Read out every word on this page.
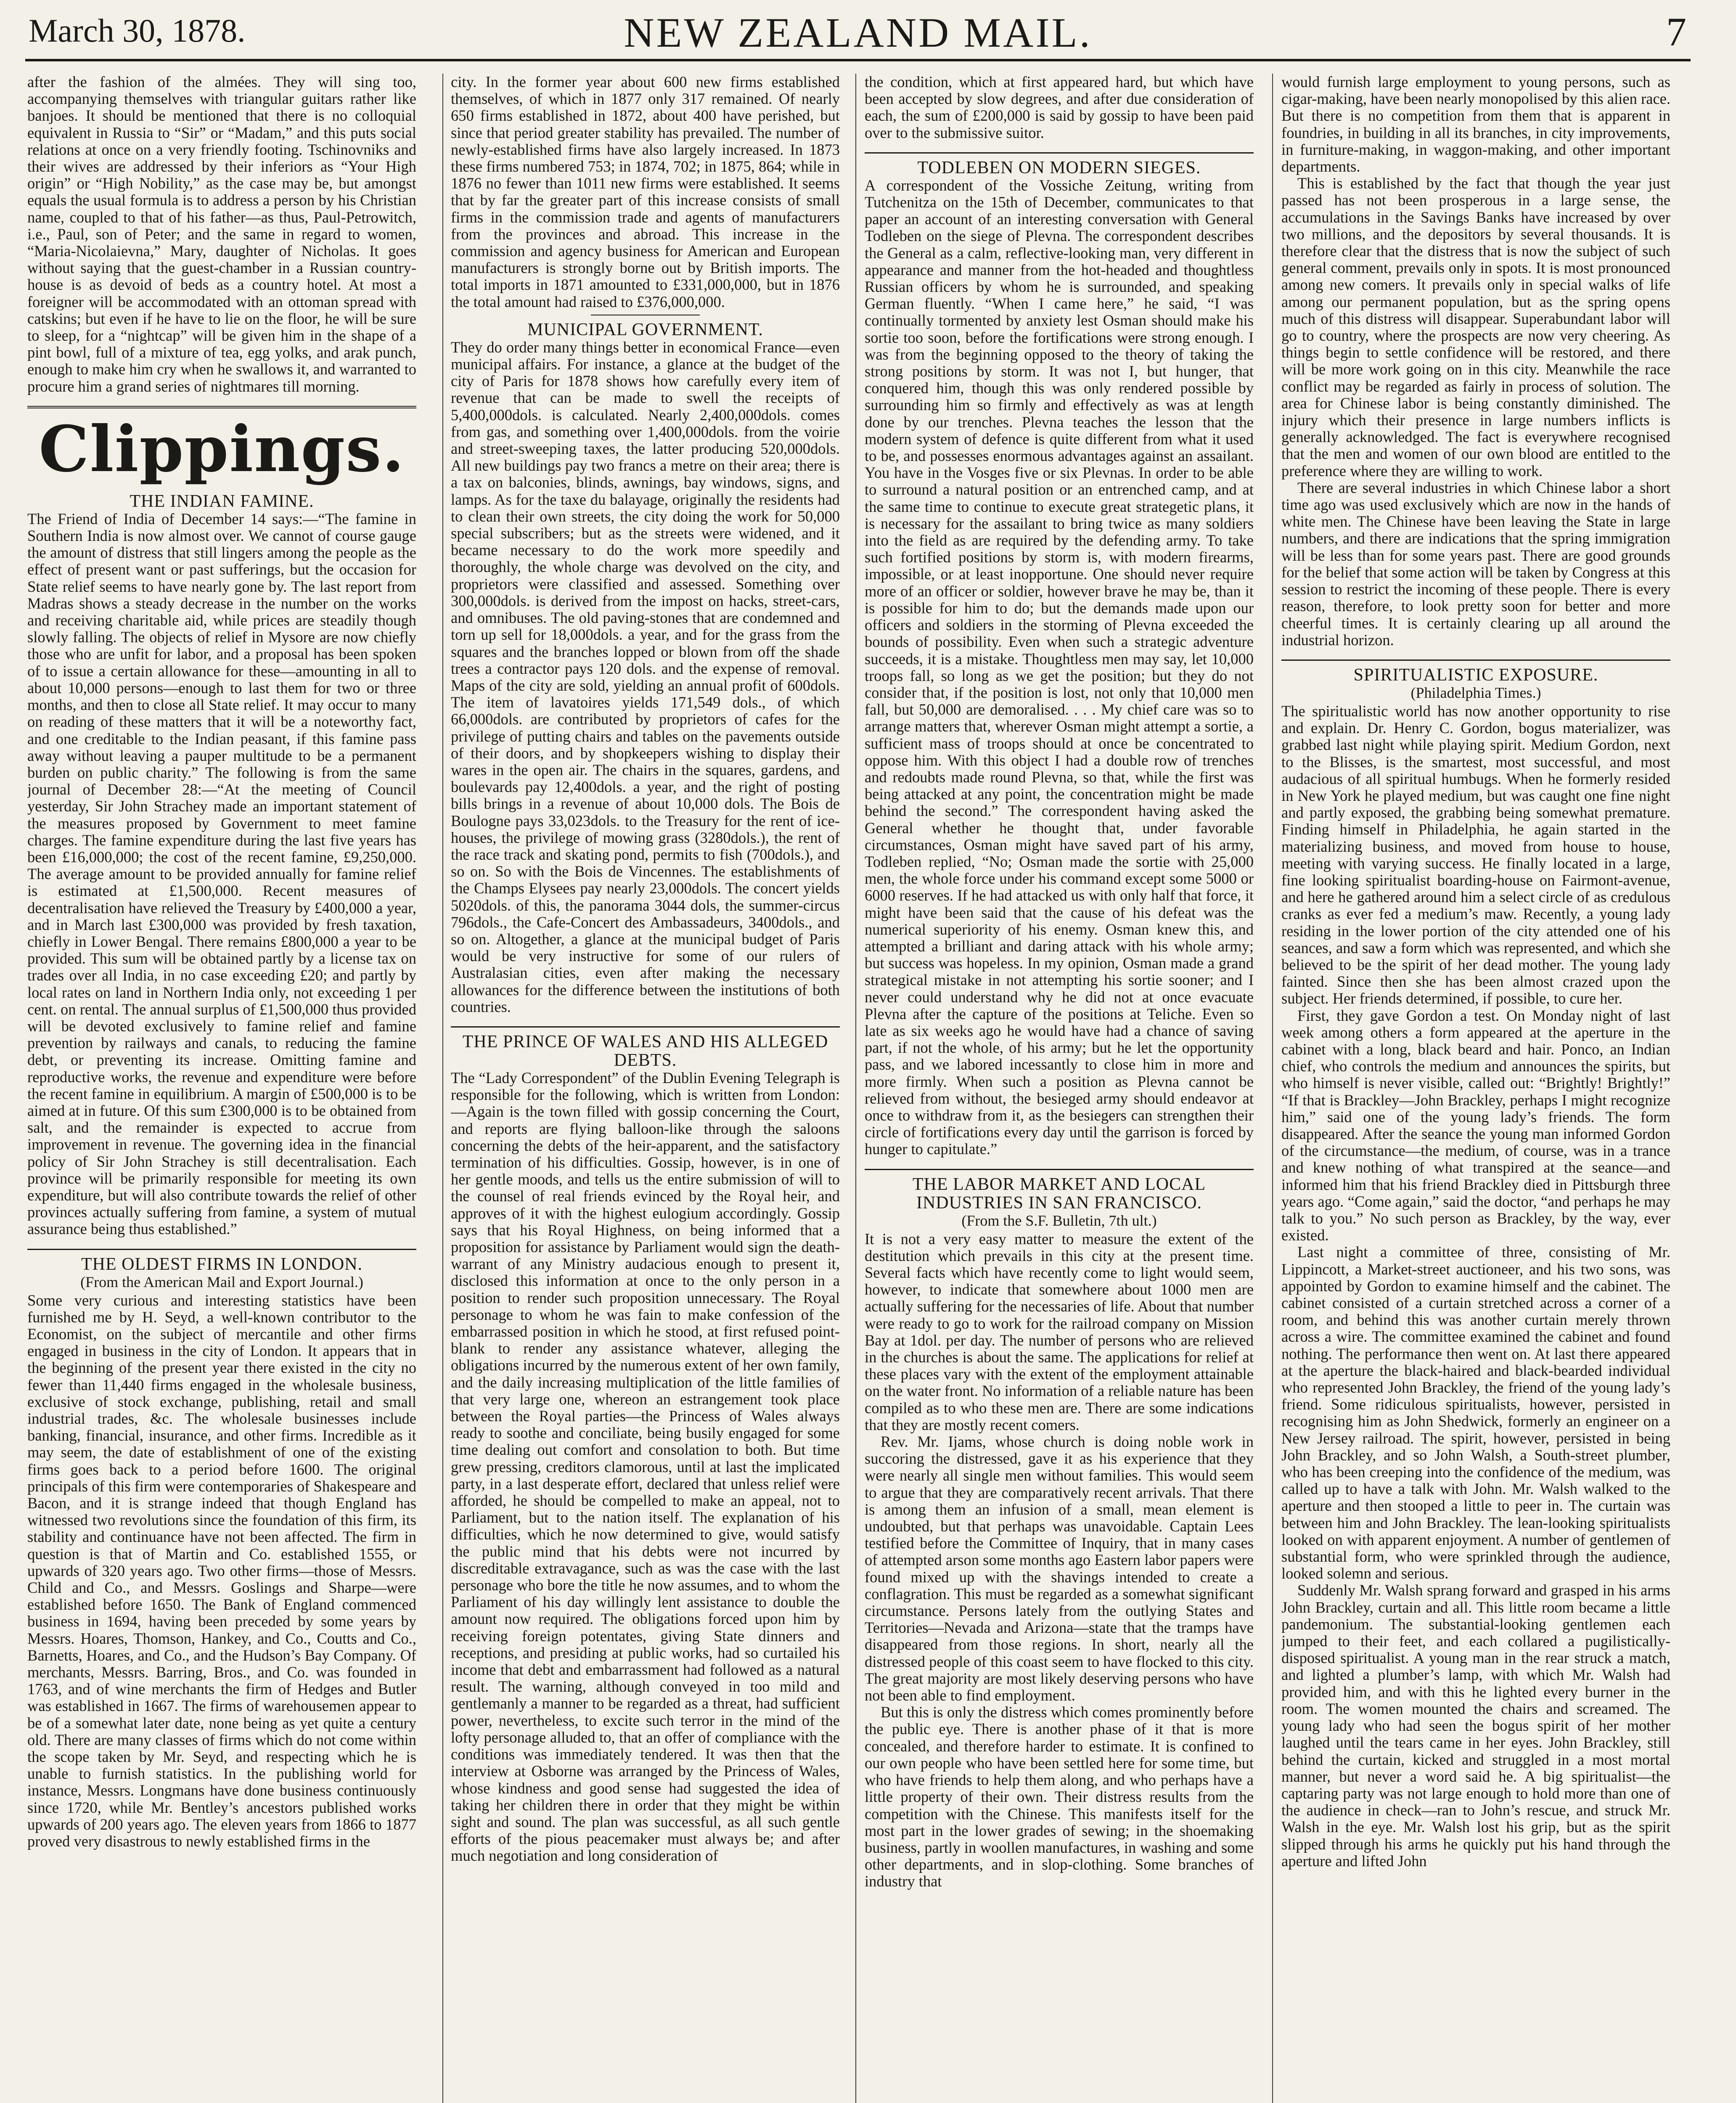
March 30, 1878.	NEW ZEALAND MAIL.	7

after the fashion of the almées. They will sing too, accompanying themselves with triangular guitars rather like banjoes. It should be mentioned that there is no colloquial equivalent in Russia to “Sir” or “Madam,” and this puts social relations at once on a very friendly footing. Tschinovniks and their wives are addressed by their inferiors as “Your High origin” or “High Nobility,” as the case may be, but amongst equals the usual formula is to address a person by his Christian name, coupled to that of his father—as thus, Paul-Petrowitch, i.e., Paul, son of Peter; and the same in regard to women, “Maria-Nicolaievna,” Mary, daughter of Nicholas. It goes without saying that the guest-chamber in a Russian country-house is as devoid of beds as a country hotel. At most a foreigner will be accommodated with an ottoman spread with catskins; but even if he have to lie on the floor, he will be sure to sleep, for a “nightcap” will be given him in the shape of a pint bowl, full of a mixture of tea, egg yolks, and arak punch, enough to make him cry when he swallows it, and warranted to procure him a grand series of nightmares till morning.

Clippings.
THE INDIAN FAMINE.

The Friend of India of December 14 says:—“The famine in Southern India is now almost over. We cannot of course gauge the amount of distress that still lingers among the people as the effect of present want or past sufferings, but the occasion for State relief seems to have nearly gone by. The last report from Madras shows a steady decrease in the number on the works and receiving charitable aid, while prices are steadily though slowly falling. The objects of relief in Mysore are now chiefly those who are unfit for labor, and a proposal has been spoken of to issue a certain allowance for these—amounting in all to about 10,000 persons—enough to last them for two or three months, and then to close all State relief. It may occur to many on reading of these matters that it will be a noteworthy fact, and one creditable to the Indian peasant, if this famine pass away without leaving a pauper multitude to be a permanent burden on public charity.” The following is from the same journal of December 28:—“At the meeting of Council yesterday, Sir John Strachey made an important statement of the measures proposed by Government to meet famine charges. The famine expenditure during the last five years has been £16,000,000; the cost of the recent famine, £9,250,000. The average amount to be provided annually for famine relief is estimated at £1,500,000. Recent measures of decentralisation have relieved the Treasury by £400,000 a year, and in March last £300,000 was provided by fresh taxation, chiefly in Lower Bengal. There remains £800,000 a year to be provided. This sum will be obtained partly by a license tax on trades over all India, in no case exceeding £20; and partly by local rates on land in Northern India only, not exceeding 1 per cent. on rental. The annual surplus of £1,500,000 thus provided will be devoted exclusively to famine relief and famine prevention by railways and canals, to reducing the famine debt, or preventing its increase. Omitting famine and reproductive works, the revenue and expenditure were before the recent famine in equilibrium. A margin of £500,000 is to be aimed at in future. Of this sum £300,000 is to be obtained from salt, and the remainder is expected to accrue from improvement in revenue. The governing idea in the financial policy of Sir John Strachey is still decentralisation. Each province will be primarily responsible for meeting its own expenditure, but will also contribute towards the relief of other provinces actually suffering from famine, a system of mutual assurance being thus established.”

THE OLDEST FIRMS IN LONDON.
(From the American Mail and Export Journal.)

Some very curious and interesting statistics have been furnished me by H. Seyd, a well-known contributor to the Economist, on the subject of mercantile and other firms engaged in business in the city of London. It appears that in the beginning of the present year there existed in the city no fewer than 11,440 firms engaged in the wholesale business, exclusive of stock exchange, publishing, retail and small industrial trades, &c. The wholesale businesses include banking, financial, insurance, and other firms. Incredible as it may seem, the date of establishment of one of the existing firms goes back to a period before 1600. The original principals of this firm were contemporaries of Shakespeare and Bacon, and it is strange indeed that though England has witnessed two revolutions since the foundation of this firm, its stability and continuance have not been affected. The firm in question is that of Martin and Co. established 1555, or upwards of 320 years ago. Two other firms—those of Messrs. Child and Co., and Messrs. Goslings and Sharpe—were established before 1650. The Bank of England commenced business in 1694, having been preceded by some years by Messrs. Hoares, Thomson, Hankey, and Co., Coutts and Co., Barnetts, Hoares, and Co., and the Hudson’s Bay Company. Of merchants, Messrs. Barring, Bros., and Co. was founded in 1763, and of wine merchants the firm of Hedges and Butler was established in 1667. The firms of warehousemen appear to be of a somewhat later date, none being as yet quite a century old. There are many classes of firms which do not come within the scope taken by Mr. Seyd, and respecting which he is unable to furnish statistics. In the publishing world for instance, Messrs. Longmans have done business continuously since 1720, while Mr. Bentley’s ancestors published works upwards of 200 years ago. The eleven years from 1866 to 1877 proved very disastrous to newly established firms in the

city. In the former year about 600 new firms established themselves, of which in 1877 only 317 remained. Of nearly 650 firms established in 1872, about 400 have perished, but since that period greater stability has prevailed. The number of newly-established firms have also largely increased. In 1873 these firms numbered 753; in 1874, 702; in 1875, 864; while in 1876 no fewer than 1011 new firms were established. It seems that by far the greater part of this increase consists of small firms in the commission trade and agents of manufacturers from the provinces and abroad. This increase in the commission and agency business for American and European manufacturers is strongly borne out by British imports. The total imports in 1871 amounted to £331,000,000, but in 1876 the total amount had raised to £376,000,000.

MUNICIPAL GOVERNMENT.

They do order many things better in economical France—even municipal affairs. For instance, a glance at the budget of the city of Paris for 1878 shows how carefully every item of revenue that can be made to swell the receipts of 5,400,000dols. is calculated. Nearly 2,400,000dols. comes from gas, and something over 1,400,000dols. from the voirie and street-sweeping taxes, the latter producing 520,000dols. All new buildings pay two francs a metre on their area; there is a tax on balconies, blinds, awnings, bay windows, signs, and lamps. As for the taxe du balayage, originally the residents had to clean their own streets, the city doing the work for 50,000 special subscribers; but as the streets were widened, and it became necessary to do the work more speedily and thoroughly, the whole charge was devolved on the city, and proprietors were classified and assessed. Something over 300,000dols. is derived from the impost on hacks, street-cars, and omnibuses. The old paving-stones that are condemned and torn up sell for 18,000dols. a year, and for the grass from the squares and the branches lopped or blown from off the shade trees a contractor pays 120 dols. and the expense of removal. Maps of the city are sold, yielding an annual profit of 600dols. The item of lavatoires yields 171,549 dols., of which 66,000dols. are contributed by proprietors of cafes for the privilege of putting chairs and tables on the pavements outside of their doors, and by shopkeepers wishing to display their wares in the open air. The chairs in the squares, gardens, and boulevards pay 12,400dols. a year, and the right of posting bills brings in a revenue of about 10,000 dols. The Bois de Boulogne pays 33,023dols. to the Treasury for the rent of ice-houses, the privilege of mowing grass (3280dols.), the rent of the race track and skating pond, permits to fish (700dols.), and so on. So with the Bois de Vincennes. The establishments of the Champs Elysees pay nearly 23,000dols. The concert yields 5020dols. of this, the panorama 3044 dols, the summer-circus 796dols., the Cafe-Concert des Ambassadeurs, 3400dols., and so on. Altogether, a glance at the municipal budget of Paris would be very instructive for some of our rulers of Australasian cities, even after making the necessary allowances for the difference between the institutions of both countries.

THE PRINCE OF WALES AND HIS ALLEGED DEBTS.

The “Lady Correspondent” of the Dublin Evening Telegraph is responsible for the following, which is written from London:—Again is the town filled with gossip concerning the Court, and reports are flying balloon-like through the saloons concerning the debts of the heir-apparent, and the satisfactory termination of his difficulties. Gossip, however, is in one of her gentle moods, and tells us the entire submission of will to the counsel of real friends evinced by the Royal heir, and approves of it with the highest eulogium accordingly. Gossip says that his Royal Highness, on being informed that a proposition for assistance by Parliament would sign the death-warrant of any Ministry audacious enough to present it, disclosed this information at once to the only person in a position to render such proposition unnecessary. The Royal personage to whom he was fain to make confession of the embarrassed position in which he stood, at first refused point-blank to render any assistance whatever, alleging the obligations incurred by the numerous extent of her own family, and the daily increasing multiplication of the little families of that very large one, whereon an estrangement took place between the Royal parties—the Princess of Wales always ready to soothe and conciliate, being busily engaged for some time dealing out comfort and consolation to both. But time grew pressing, creditors clamorous, until at last the implicated party, in a last desperate effort, declared that unless relief were afforded, he should be compelled to make an appeal, not to Parliament, but to the nation itself. The explanation of his difficulties, which he now determined to give, would satisfy the public mind that his debts were not incurred by discreditable extravagance, such as was the case with the last personage who bore the title he now assumes, and to whom the Parliament of his day willingly lent assistance to double the amount now required. The obligations forced upon him by receiving foreign potentates, giving State dinners and receptions, and presiding at public works, had so curtailed his income that debt and embarrassment had followed as a natural result. The warning, although conveyed in too mild and gentlemanly a manner to be regarded as a threat, had sufficient power, nevertheless, to excite such terror in the mind of the lofty personage alluded to, that an offer of compliance with the conditions was immediately tendered. It was then that the interview at Osborne was arranged by the Princess of Wales, whose kindness and good sense had suggested the idea of taking her children there in order that they might be within sight and sound. The plan was successful, as all such gentle efforts of the pious peacemaker must always be; and after much negotiation and long consideration of

the condition, which at first appeared hard, but which have been accepted by slow degrees, and after due consideration of each, the sum of £200,000 is said by gossip to have been paid over to the submissive suitor.

TODLEBEN ON MODERN SIEGES.

A correspondent of the Vossiche Zeitung, writing from Tutchenitza on the 15th of December, communicates to that paper an account of an interesting conversation with General Todleben on the siege of Plevna. The correspondent describes the General as a calm, reflective-looking man, very different in appearance and manner from the hot-headed and thoughtless Russian officers by whom he is surrounded, and speaking German fluently. “When I came here,” he said, “I was continually tormented by anxiety lest Osman should make his sortie too soon, before the fortifications were strong enough. I was from the beginning opposed to the theory of taking the strong positions by storm. It was not I, but hunger, that conquered him, though this was only rendered possible by surrounding him so firmly and effectively as was at length done by our trenches. Plevna teaches the lesson that the modern system of defence is quite different from what it used to be, and possesses enormous advantages against an assailant. You have in the Vosges five or six Plevnas. In order to be able to surround a natural position or an entrenched camp, and at the same time to continue to execute great strategetic plans, it is necessary for the assailant to bring twice as many soldiers into the field as are required by the defending army. To take such fortified positions by storm is, with modern firearms, impossible, or at least inopportune. One should never require more of an officer or soldier, however brave he may be, than it is possible for him to do; but the demands made upon our officers and soldiers in the storming of Plevna exceeded the bounds of possibility. Even when such a strategic adventure succeeds, it is a mistake. Thoughtless men may say, let 10,000 troops fall, so long as we get the position; but they do not consider that, if the position is lost, not only that 10,000 men fall, but 50,000 are demoralised. . . . My chief care was so to arrange matters that, wherever Osman might attempt a sortie, a sufficient mass of troops should at once be concentrated to oppose him. With this object I had a double row of trenches and redoubts made round Plevna, so that, while the first was being attacked at any point, the concentration might be made behind the second.” The correspondent having asked the General whether he thought that, under favorable circumstances, Osman might have saved part of his army, Todleben replied, “No; Osman made the sortie with 25,000 men, the whole force under his command except some 5000 or 6000 reserves. If he had attacked us with only half that force, it might have been said that the cause of his defeat was the numerical superiority of his enemy. Osman knew this, and attempted a brilliant and daring attack with his whole army; but success was hopeless. In my opinion, Osman made a grand strategical mistake in not attempting his sortie sooner; and I never could understand why he did not at once evacuate Plevna after the capture of the positions at Teliche. Even so late as six weeks ago he would have had a chance of saving part, if not the whole, of his army; but he let the opportunity pass, and we labored incessantly to close him in more and more firmly. When such a position as Plevna cannot be relieved from without, the besieged army should endeavor at once to withdraw from it, as the besiegers can strengthen their circle of fortifications every day until the garrison is forced by hunger to capitulate.”

THE LABOR MARKET AND LOCAL INDUSTRIES IN SAN FRANCISCO.
(From the S.F. Bulletin, 7th ult.)

It is not a very easy matter to measure the extent of the destitution which prevails in this city at the present time. Several facts which have recently come to light would seem, however, to indicate that somewhere about 1000 men are actually suffering for the necessaries of life. About that number were ready to go to work for the railroad company on Mission Bay at 1dol. per day. The number of persons who are relieved in the churches is about the same. The applications for relief at these places vary with the extent of the employment attainable on the water front. No information of a reliable nature has been compiled as to who these men are. There are some indications that they are mostly recent comers.

Rev. Mr. Ijams, whose church is doing noble work in succoring the distressed, gave it as his experience that they were nearly all single men without families. This would seem to argue that they are comparatively recent arrivals. That there is among them an infusion of a small, mean element is undoubted, but that perhaps was unavoidable. Captain Lees testified before the Committee of Inquiry, that in many cases of attempted arson some months ago Eastern labor papers were found mixed up with the shavings intended to create a conflagration. This must be regarded as a somewhat significant circumstance. Persons lately from the outlying States and Territories—Nevada and Arizona—state that the tramps have disappeared from those regions. In short, nearly all the distressed people of this coast seem to have flocked to this city. The great majority are most likely deserving persons who have not been able to find employment.

But this is only the distress which comes prominently before the public eye. There is another phase of it that is more concealed, and therefore harder to estimate. It is confined to our own people who have been settled here for some time, but who have friends to help them along, and who perhaps have a little property of their own. Their distress results from the competition with the Chinese. This manifests itself for the most part in the lower grades of sewing; in the shoemaking business, partly in woollen manufactures, in washing and some other departments, and in slop-clothing. Some branches of industry that

would furnish large employment to young persons, such as cigar-making, have been nearly monopolised by this alien race. But there is no competition from them that is apparent in foundries, in building in all its branches, in city improvements, in furniture-making, in waggon-making, and other important departments.

This is established by the fact that though the year just passed has not been prosperous in a large sense, the accumulations in the Savings Banks have increased by over two millions, and the depositors by several thousands. It is therefore clear that the distress that is now the subject of such general comment, prevails only in spots. It is most pronounced among new comers. It prevails only in special walks of life among our permanent population, but as the spring opens much of this distress will disappear. Superabundant labor will go to country, where the prospects are now very cheering. As things begin to settle confidence will be restored, and there will be more work going on in this city. Meanwhile the race conflict may be regarded as fairly in process of solution. The area for Chinese labor is being constantly diminished. The injury which their presence in large numbers inflicts is generally acknowledged. The fact is everywhere recognised that the men and women of our own blood are entitled to the preference where they are willing to work.

There are several industries in which Chinese labor a short time ago was used exclusively which are now in the hands of white men. The Chinese have been leaving the State in large numbers, and there are indications that the spring immigration will be less than for some years past. There are good grounds for the belief that some action will be taken by Congress at this session to restrict the incoming of these people. There is every reason, therefore, to look pretty soon for better and more cheerful times. It is certainly clearing up all around the industrial horizon.

SPIRITUALISTIC EXPOSURE.
(Philadelphia Times.)

The spiritualistic world has now another opportunity to rise and explain. Dr. Henry C. Gordon, bogus materializer, was grabbed last night while playing spirit. Medium Gordon, next to the Blisses, is the smartest, most successful, and most audacious of all spiritual humbugs. When he formerly resided in New York he played medium, but was caught one fine night and partly exposed, the grabbing being somewhat premature. Finding himself in Philadelphia, he again started in the materializing business, and moved from house to house, meeting with varying success. He finally located in a large, fine looking spiritualist boarding-house on Fairmont-avenue, and here he gathered around him a select circle of as credulous cranks as ever fed a medium’s maw. Recently, a young lady residing in the lower portion of the city attended one of his seances, and saw a form which was represented, and which she believed to be the spirit of her dead mother. The young lady fainted. Since then she has been almost crazed upon the subject. Her friends determined, if possible, to cure her.

First, they gave Gordon a test. On Monday night of last week among others a form appeared at the aperture in the cabinet with a long, black beard and hair. Ponco, an Indian chief, who controls the medium and announces the spirits, but who himself is never visible, called out: “Brightly! Brightly!” “If that is Brackley—John Brackley, perhaps I might recognize him,” said one of the young lady’s friends. The form disappeared. After the seance the young man informed Gordon of the circumstance—the medium, of course, was in a trance and knew nothing of what transpired at the seance—and informed him that his friend Brackley died in Pittsburgh three years ago. “Come again,” said the doctor, “and perhaps he may talk to you.” No such person as Brackley, by the way, ever existed.

Last night a committee of three, consisting of Mr. Lippincott, a Market-street auctioneer, and his two sons, was appointed by Gordon to examine himself and the cabinet. The cabinet consisted of a curtain stretched across a corner of a room, and behind this was another curtain merely thrown across a wire. The committee examined the cabinet and found nothing. The performance then went on. At last there appeared at the aperture the black-haired and black-bearded individual who represented John Brackley, the friend of the young lady’s friend. Some ridiculous spiritualists, however, persisted in recognising him as John Shedwick, formerly an engineer on a New Jersey railroad. The spirit, however, persisted in being John Brackley, and so John Walsh, a South-street plumber, who has been creeping into the confidence of the medium, was called up to have a talk with John. Mr. Walsh walked to the aperture and then stooped a little to peer in. The curtain was between him and John Brackley. The lean-looking spiritualists looked on with apparent enjoyment. A number of gentlemen of substantial form, who were sprinkled through the audience, looked solemn and serious.

Suddenly Mr. Walsh sprang forward and grasped in his arms John Brackley, curtain and all. This little room became a little pandemonium. The substantial-looking gentlemen each jumped to their feet, and each collared a pugilistically-disposed spiritualist. A young man in the rear struck a match, and lighted a plumber’s lamp, with which Mr. Walsh had provided him, and with this he lighted every burner in the room. The women mounted the chairs and screamed. The young lady who had seen the bogus spirit of her mother laughed until the tears came in her eyes. John Brackley, still behind the curtain, kicked and struggled in a most mortal manner, but never a word said he. A big spiritualist—the captaring party was not large enough to hold more than one of the audience in check—ran to John’s rescue, and struck Mr. Walsh in the eye. Mr. Walsh lost his grip, but as the spirit slipped through his arms he quickly put his hand through the aperture and lifted John
